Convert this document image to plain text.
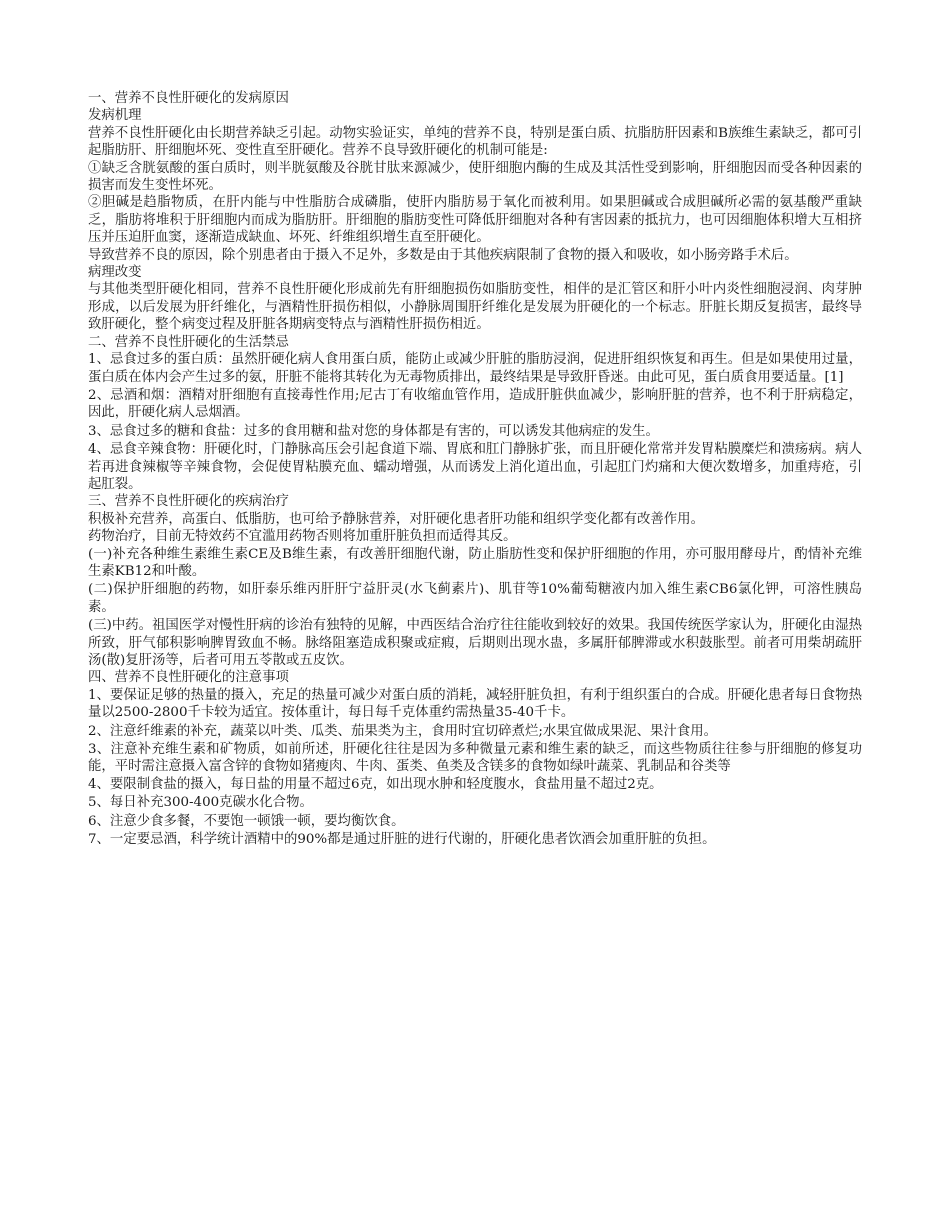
一、营养不良性肝硬化的发病原因

发病机理

营养不良性肝硬化由长期营养缺乏引起。动物实验证实，单纯的营养不良，特别是蛋白质、抗脂肪肝因素和B族维生素缺乏，都可引起脂肪肝、肝细胞坏死、变性直至肝硬化。营养不良导致肝硬化的机制可能是:

①缺乏含胱氨酸的蛋白质时，则半胱氨酸及谷胱甘肽来源减少，使肝细胞内酶的生成及其活性受到影响，肝细胞因而受各种因素的损害而发生变性坏死。

②胆碱是趋脂物质，在肝内能与中性脂肪合成磷脂，使肝内脂肪易于氧化而被利用。如果胆碱或合成胆碱所必需的氨基酸严重缺乏，脂肪将堆积于肝细胞内而成为脂肪肝。肝细胞的脂肪变性可降低肝细胞对各种有害因素的抵抗力，也可因细胞体积增大互相挤压并压迫肝血窦，逐渐造成缺血、坏死、纤维组织增生直至肝硬化。

导致营养不良的原因，除个别患者由于摄入不足外，多数是由于其他疾病限制了食物的摄入和吸收，如小肠旁路手术后。

病理改变

与其他类型肝硬化相同，营养不良性肝硬化形成前先有肝细胞损伤如脂肪变性，相伴的是汇管区和肝小叶内炎性细胞浸润、肉芽肿形成，以后发展为肝纤维化，与酒精性肝损伤相似，小静脉周围肝纤维化是发展为肝硬化的一个标志。肝脏长期反复损害，最终导致肝硬化，整个病变过程及肝脏各期病变特点与酒精性肝损伤相近。

二、营养不良性肝硬化的生活禁忌

1、忌食过多的蛋白质：虽然肝硬化病人食用蛋白质，能防止或减少肝脏的脂肪浸润，促进肝组织恢复和再生。但是如果使用过量，蛋白质在体内会产生过多的氨，肝脏不能将其转化为无毒物质排出，最终结果是导致肝昏迷。由此可见，蛋白质食用要适量。[1]

2、忌酒和烟：酒精对肝细胞有直接毒性作用;尼古丁有收缩血管作用，造成肝脏供血减少，影响肝脏的营养，也不利于肝病稳定，因此，肝硬化病人忌烟酒。

3、忌食过多的糖和食盐：过多的食用糖和盐对您的身体都是有害的，可以诱发其他病症的发生。

4、忌食辛辣食物：肝硬化时，门静脉高压会引起食道下端、胃底和肛门静脉扩张，而且肝硬化常常并发胃粘膜糜烂和溃疡病。病人若再进食辣椒等辛辣食物，会促使胃粘膜充血、蠕动增强，从而诱发上消化道出血，引起肛门灼痛和大便次数增多，加重痔疮，引起肛裂。

三、营养不良性肝硬化的疾病治疗

积极补充营养，高蛋白、低脂肪，也可给予静脉营养，对肝硬化患者肝功能和组织学变化都有改善作用。

药物治疗，目前无特效药不宜滥用药物否则将加重肝脏负担而适得其反。

(一)补充各种维生素维生素CE及B维生素，有改善肝细胞代谢，防止脂肪性变和保护肝细胞的作用，亦可服用酵母片，酌情补充维生素KB12和叶酸。

(二)保护肝细胞的药物，如肝泰乐维丙肝肝宁益肝灵(水飞蓟素片)、肌苷等10%葡萄糖液内加入维生素CB6氯化钾，可溶性胰岛素。

(三)中药。祖国医学对慢性肝病的诊治有独特的见解，中西医结合治疗往往能收到较好的效果。我国传统医学家认为，肝硬化由湿热所致，肝气郁积影响脾胃致血不畅。脉络阻塞造成积聚或症瘕，后期则出现水蛊，多属肝郁脾滞或水积鼓胀型。前者可用柴胡疏肝汤(散)复肝汤等，后者可用五苓散或五皮饮。

四、营养不良性肝硬化的注意事项

1、要保证足够的热量的摄入，充足的热量可减少对蛋白质的消耗，减轻肝脏负担，有利于组织蛋白的合成。肝硬化患者每日食物热量以2500-2800千卡较为适宜。按体重计，每日每千克体重约需热量35-40千卡。

2、注意纤维素的补充，蔬菜以叶类、瓜类、茄果类为主，食用时宜切碎煮烂;水果宜做成果泥、果汁食用。

3、注意补充维生素和矿物质，如前所述，肝硬化往往是因为多种微量元素和维生素的缺乏，而这些物质往往参与肝细胞的修复功能，平时需注意摄入富含锌的食物如猪瘦肉、牛肉、蛋类、鱼类及含镁多的食物如绿叶蔬菜、乳制品和谷类等

4、要限制食盐的摄入，每日盐的用量不超过6克，如出现水肿和轻度腹水，食盐用量不超过2克。

5、每日补充300-400克碳水化合物。

6、注意少食多餐，不要饱一顿饿一顿，要均衡饮食。

7、一定要忌酒，科学统计酒精中的90%都是通过肝脏的进行代谢的，肝硬化患者饮酒会加重肝脏的负担。
